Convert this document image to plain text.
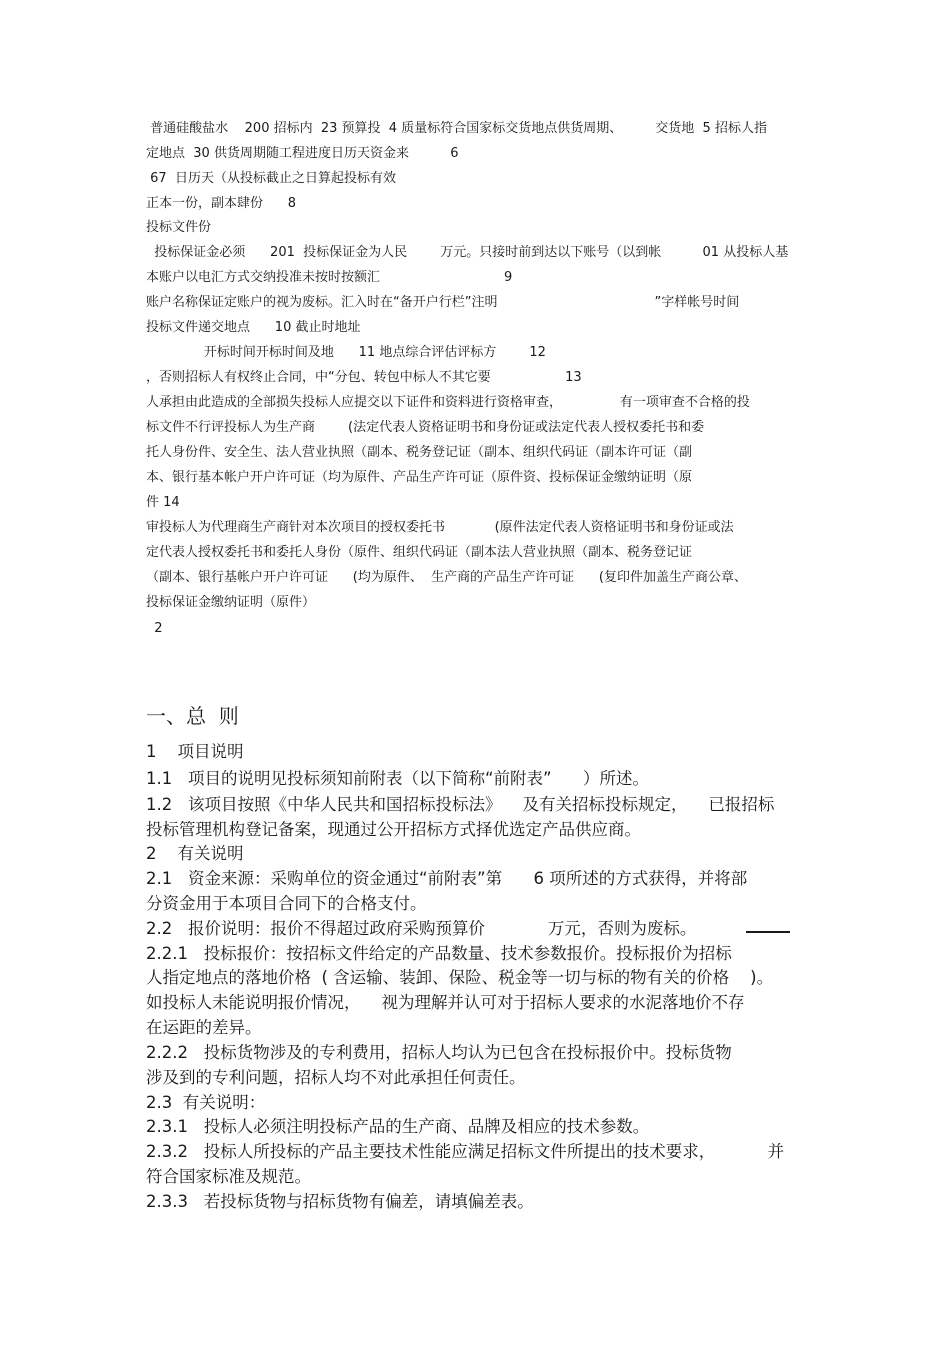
普通硅酸盐水    200 招标内  23 预算投  4 质量标符合国家标交货地点供货周期、        交货地  5 招标人指
定地点  30 供货周期随工程进度日历天资金来          6
67  日历天（从投标截止之日算起投标有效
正本一份，副本肆份      8
投标文件份
投标保证金必须      201  投标保证金为人民        万元。只接时前到达以下账号（以到帐          01 从投标人基
本账户以电汇方式交纳投准未按时按额汇                              9
账户名称保证定账户的视为废标。汇入时在“备开户行栏”注明                                      ”字样帐号时间
投标文件递交地点      10 截止时地址
开标时间开标时间及地      11 地点综合评估评标方        12
，否则招标人有权终止合同，中“分包、转包中标人不其它要                  13
人承担由此造成的全部损失投标人应提交以下证件和资料进行资格审查，              有一项审查不合格的投
标文件不行评投标人为生产商        (法定代表人资格证明书和身份证或法定代表人授权委托书和委
托人身份件、安全生、法人营业执照（副本、税务登记证（副本、组织代码证（副本许可证（副
本、银行基本帐户开户许可证（均为原件、产品生产许可证（原件资、投标保证金缴纳证明（原
件 14
审投标人为代理商生产商针对本次项目的授权委托书            (原件法定代表人资格证明书和身份证或法
定代表人授权委托书和委托人身份（原件、组织代码证（副本法人营业执照（副本、税务登记证
（副本、银行基帐户开户许可证      (均为原件、  生产商的产品生产许可证      (复印件加盖生产商公章、
投标保证金缴纳证明（原件）
2
一、总  则
1    项目说明
1.1   项目的说明见投标须知前附表（以下简称“前附表”      ）所述。
1.2   该项目按照《中华人民共和国招标投标法》    及有关招标投标规定，    已报招标
投标管理机构登记备案，现通过公开招标方式择优选定产品供应商。
2    有关说明
2.1   资金来源：采购单位的资金通过“前附表”第      6 项所述的方式获得，并将部
分资金用于本项目合同下的合格支付。
2.2   报价说明：报价不得超过政府采购预算价            万元，否则为废标。
2.2.1   投标报价：按招标文件给定的产品数量、技术参数报价。投标报价为招标
人指定地点的落地价格  ( 含运输、装卸、保险、税金等一切与标的物有关的价格    )。
如投标人未能说明报价情况，    视为理解并认可对于招标人要求的水泥落地价不存
在运距的差异。
2.2.2   投标货物涉及的专利费用，招标人均认为已包含在投标报价中。投标货物
涉及到的专利问题，招标人均不对此承担任何责任。
2.3  有关说明：
2.3.1   投标人必须注明投标产品的生产商、品牌及相应的技术参数。
2.3.2   投标人所投标的产品主要技术性能应满足招标文件所提出的技术要求，          并
符合国家标准及规范。
2.3.3   若投标货物与招标货物有偏差，请填偏差表。
